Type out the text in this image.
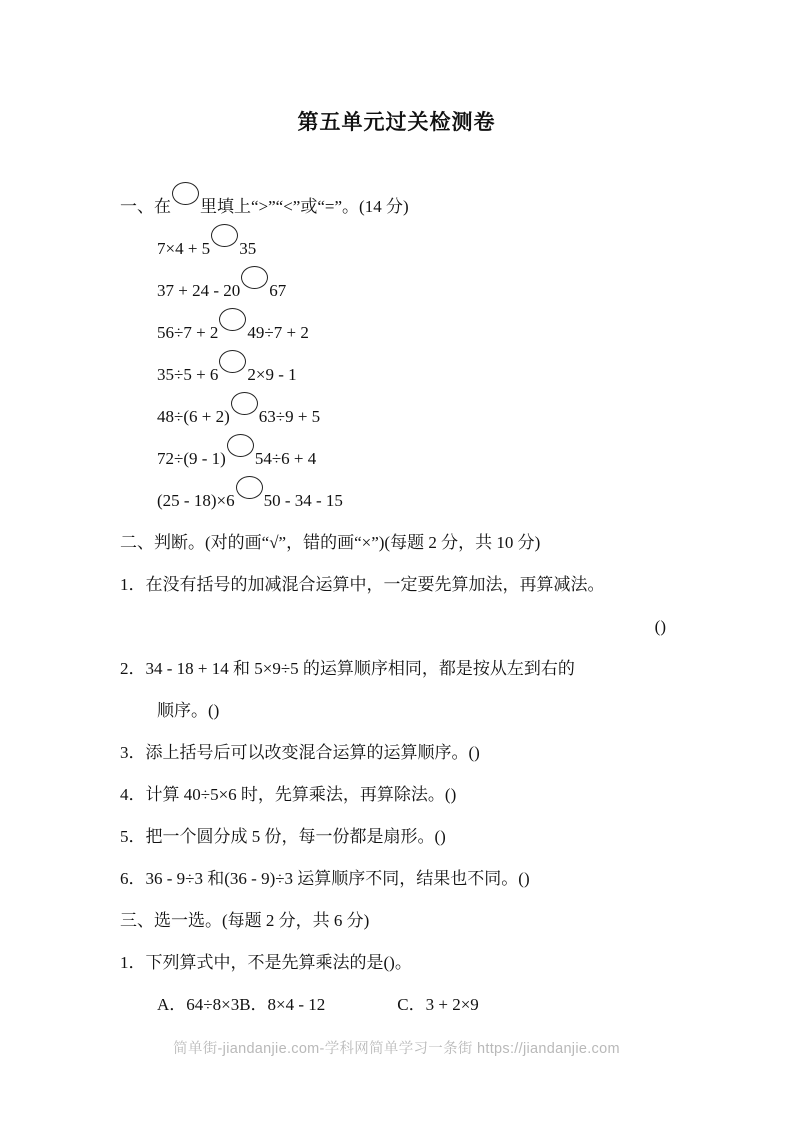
第五单元过关检测卷
一、在 里填上“>”“<”或“=”。(14 分)
7×4 + 5 35
37 + 24 - 20 67
56÷7 + 2 49÷7 + 2
35÷5 + 6 2×9 - 1
48÷(6 + 2) 63÷9 + 5
72÷(9 - 1) 54÷6 + 4
(25 - 18)×6 50 - 34 - 15
二、判断。(对的画“√”，错的画“×”)(每题 2 分，共 10 分)
1．在没有括号的加减混合运算中，一定要先算加法，再算减法。
()
2．34 - 18 + 14 和 5×9÷5 的运算顺序相同，都是按从左到右的
顺序。()
3．添上括号后可以改变混合运算的运算顺序。()
4．计算 40÷5×6 时，先算乘法，再算除法。()
5．把一个圆分成 5 份，每一份都是扇形。()
6．36 - 9÷3 和(36 - 9)÷3 运算顺序不同，结果也不同。()
三、选一选。(每题 2 分，共 6 分)
1．下列算式中，不是先算乘法的是()。
A．64÷8×3B．8×4 - 12	C．3 + 2×9
简单街-jiandanjie.com-学科网简单学习一条街 https://jiandanjie.com
